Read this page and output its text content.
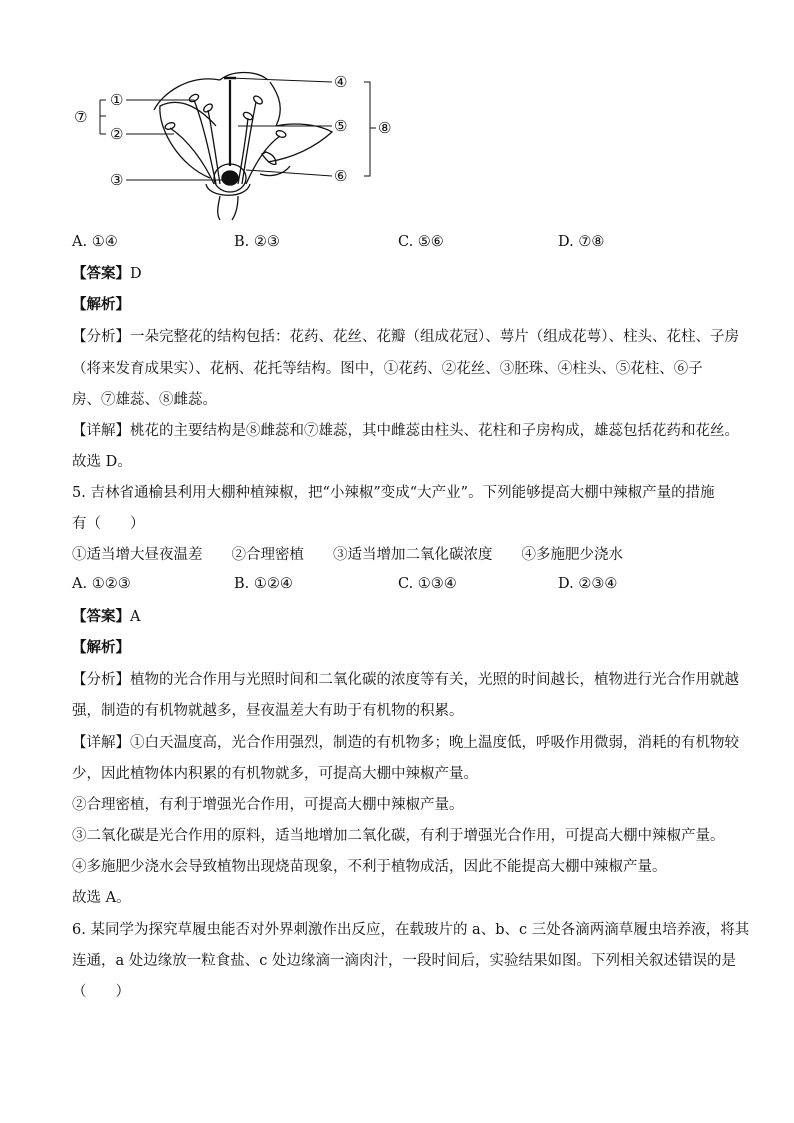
①
②
③
④
⑤
⑥
⑦
⑧
A. ①④	B. ②③	C. ⑤⑥	D. ⑦⑧
【答案】D
【解析】
【分析】一朵完整花的结构包括：花药、花丝、花瓣（组成花冠）、萼片（组成花萼）、柱头、花柱、子房
（将来发育成果实）、花柄、花托等结构。图中，①花药、②花丝、③胚珠、④柱头、⑤花柱、⑥子
房、⑦雄蕊、⑧雌蕊。
【详解】桃花的主要结构是⑧雌蕊和⑦雄蕊，其中雌蕊由柱头、花柱和子房构成，雄蕊包括花药和花丝。
故选 D。
5. 吉林省通榆县利用大棚种植辣椒，把“小辣椒”变成“大产业”。下列能够提高大棚中辣椒产量的措施
有（　　）
①适当增大昼夜温差　　②合理密植　　③适当增加二氧化碳浓度　　④多施肥少浇水
A. ①②③	B. ①②④	C. ①③④	D. ②③④
【答案】A
【解析】
【分析】植物的光合作用与光照时间和二氧化碳的浓度等有关，光照的时间越长，植物进行光合作用就越
强，制造的有机物就越多，昼夜温差大有助于有机物的积累。
【详解】①白天温度高，光合作用强烈，制造的有机物多；晚上温度低，呼吸作用微弱，消耗的有机物较
少，因此植物体内积累的有机物就多，可提高大棚中辣椒产量。
②合理密植，有利于增强光合作用，可提高大棚中辣椒产量。
③二氧化碳是光合作用的原料，适当地增加二氧化碳，有利于增强光合作用，可提高大棚中辣椒产量。
④多施肥少浇水会导致植物出现烧苗现象，不利于植物成活，因此不能提高大棚中辣椒产量。
故选 A。
6. 某同学为探究草履虫能否对外界刺激作出反应，在载玻片的 a、b、c 三处各滴两滴草履虫培养液，将其
连通，a 处边缘放一粒食盐、c 处边缘滴一滴肉汁，一段时间后，实验结果如图。下列相关叙述错误的是
（　　）
